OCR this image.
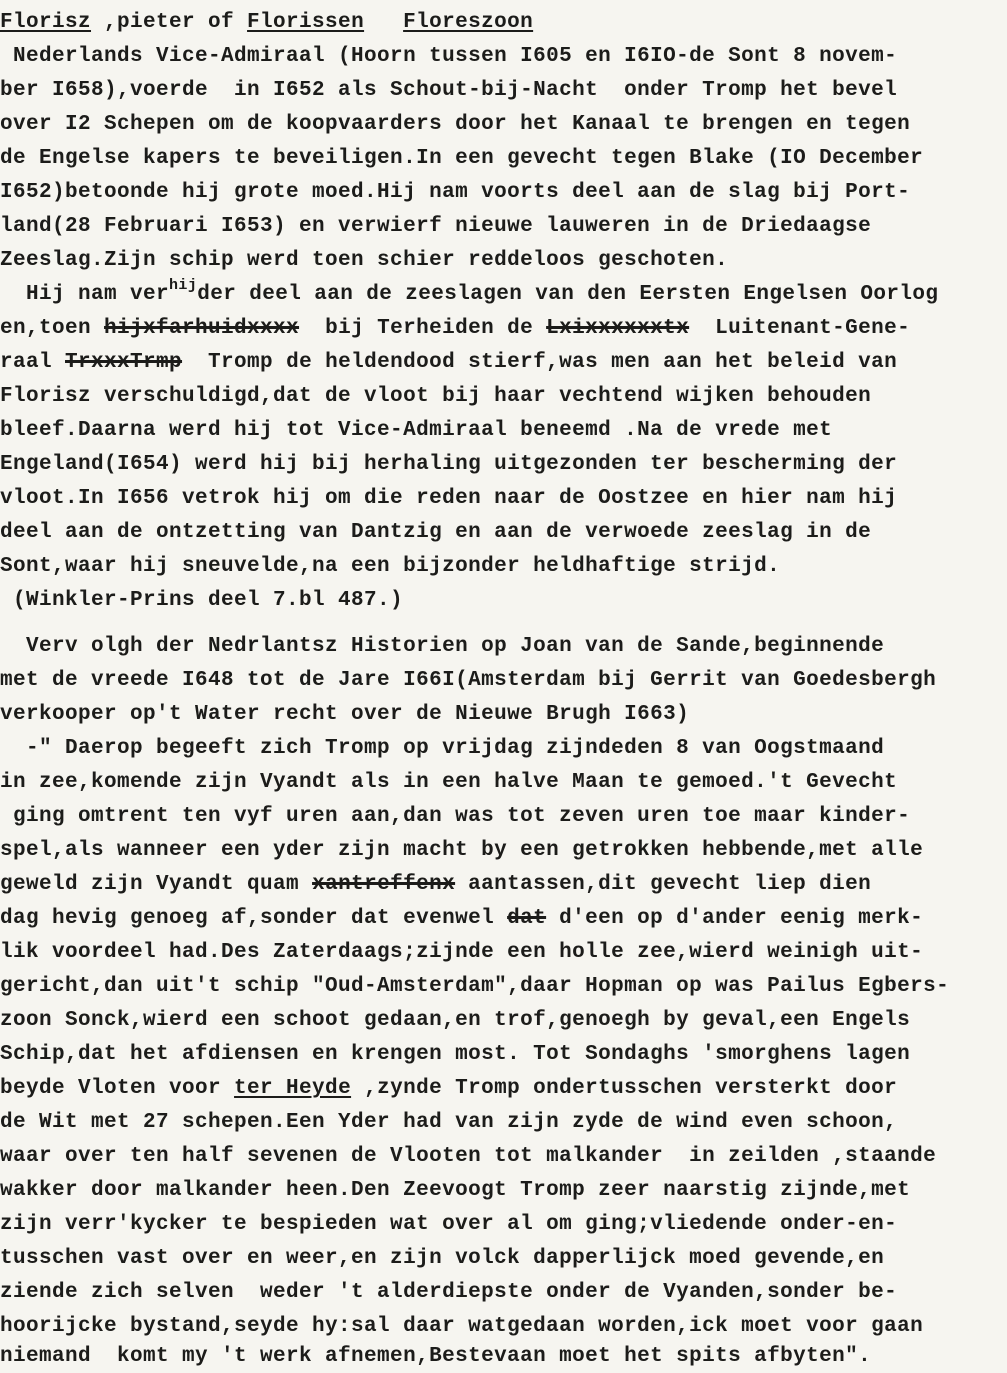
Florisz ,pieter of Florissen Floreszoon
Nederlands Vice-Admiraal (Hoorn tussen I605 en I6IO-de Sont 8 novem-
ber I658),voerde  in I652 als Schout-bij-Nacht  onder Tromp het bevel
over I2 Schepen om de koopvaarders door het Kanaal te brengen en tegen
de Engelse kapers te beveiligen.In een gevecht tegen Blake (IO December
I652)betoonde hij grote moed.Hij nam voorts deel aan de slag bij Port-
land(28 Februari I653) en verwierf nieuwe lauweren in de Driedaagse
Zeeslag.Zijn schip werd toen schier reddeloos geschoten.
Hij nam ver$^{hij}$der deel aan de zeeslagen van den Eersten Engelsen Oorlog
en,toen hijxfarhuidxxxx  bij Terheiden de Lxixxxxxxtx  Luitenant-Gene-
raal TrxxxTrmp  Tromp de heldendood stierf,was men aan het beleid van
Florisz verschuldigd,dat de vloot bij haar vechtend wijken behouden
bleef.Daarna werd hij tot Vice-Admiraal beneemd .Na de vrede met
Engeland(I654) werd hij bij herhaling uitgezonden ter bescherming der
vloot.In I656 vetrok hij om die reden naar de Oostzee en hier nam hij
deel aan de ontzetting van Dantzig en aan de verwoede zeeslag in de
Sont,waar hij sneuvelde,na een bijzonder heldhaftige strijd.
(Winkler-Prins deel 7.bl 487.)
Verv olgh der Nedrlantsz Historien op Joan van de Sande,beginnende
met de vreede I648 tot de Jare I66I(Amsterdam bij Gerrit van Goedesbergh
verkooper op't Water recht over de Nieuwe Brugh I663)
-" Daerop begeeft zich Tromp op vrijdag zijndeden 8 van Oogstmaand
in zee,komende zijn Vyandt als in een halve Maan te gemoed.'t Gevecht
ging omtrent ten vyf uren aan,dan was tot zeven uren toe maar kinder-
spel,als wanneer een yder zijn macht by een getrokken hebbende,met alle
geweld zijn Vyandt quam xantreffenx aantassen,dit gevecht liep dien
dag hevig genoeg af,sonder dat evenwel dat d'een op d'ander eenig merk-
lik voordeel had.Des Zaterdaags;zijnde een holle zee,wierd weinigh uit-
gericht,dan uit't schip "Oud-Amsterdam",daar Hopman op was Pailus Egbers-
zoon Sonck,wierd een schoot gedaan,en trof,genoegh by geval,een Engels
Schip,dat het afdiensen en krengen most. Tot Sondaghs 'smorghens lagen
beyde Vloten voor ter Heyde ,zynde Tromp ondertusschen versterkt door
de Wit met 27 schepen.Een Yder had van zijn zyde de wind even schoon,
waar over ten half sevenen de Vlooten tot malkander  in zeilden ,staande
wakker door malkander heen.Den Zeevoogt Tromp zeer naarstig zijnde,met
zijn verr'kycker te bespieden wat over al om ging;vliedende onder-en-
tusschen vast over en weer,en zijn volck dapperlijck moed gevende,en
ziende zich selven  weder 't alderdiepste onder de Vyanden,sonder be-
hoorijcke bystand,seyde hy:sal daar watgedaan worden,ick moet voor gaan
niemand  komt my 't werk afnemen,Bestevaan moet het spits afbyten".
